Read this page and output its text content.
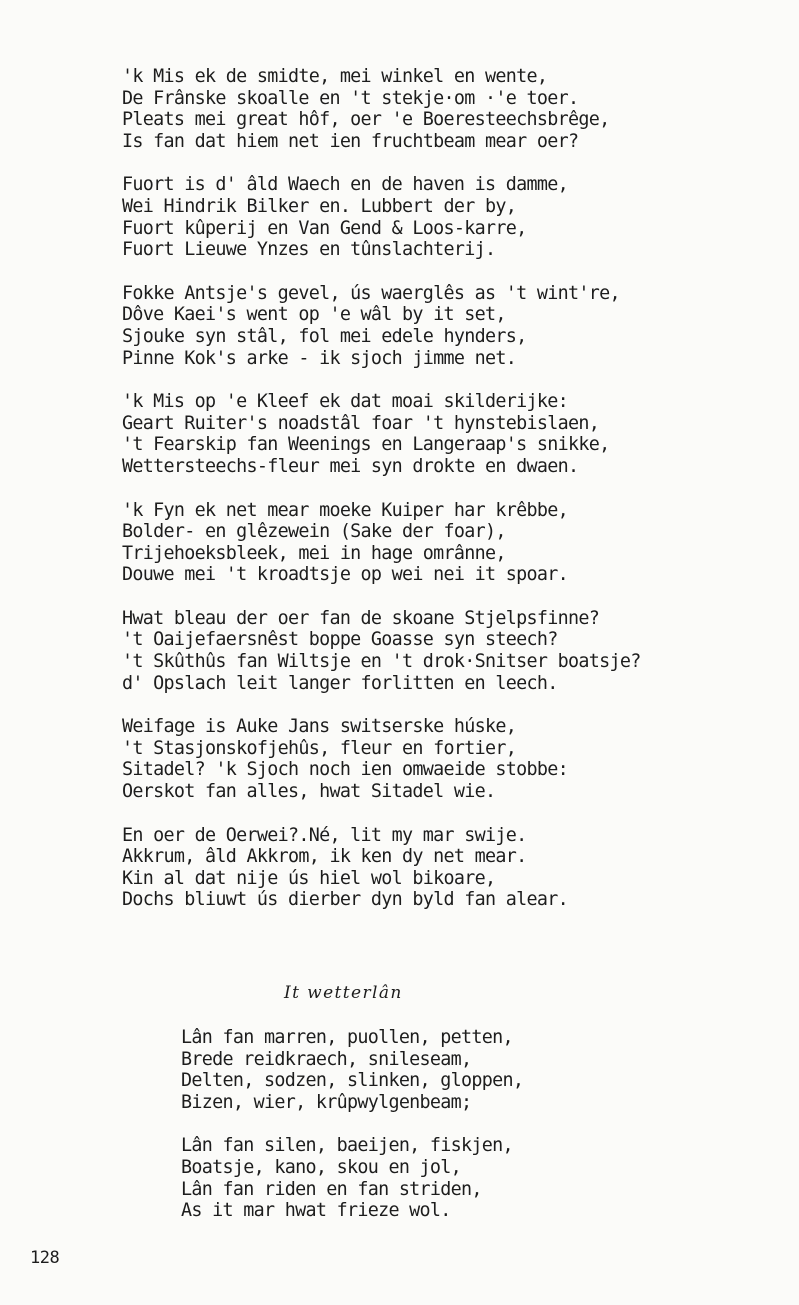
'k Mis ek de smidte, mei winkel en wente,
De Frânske skoalle en 't stekje·om ·'e toer.
Pleats mei great hôf, oer 'e Boeresteechsbrêge,
Is fan dat hiem net ien fruchtbeam mear oer?
Fuort is d' âld Waech en de haven is damme,
Wei Hindrik Bilker en. Lubbert der by,
Fuort kûperij en Van Gend & Loos-karre,
Fuort Lieuwe Ynzes en tûnslachterij.
Fokke Antsje's gevel, ús waerglês as 't wint're,
Dôve Kaei's went op 'e wâl by it set,
Sjouke syn stâl, fol mei edele hynders,
Pinne Kok's arke - ik sjoch jimme net.
'k Mis op 'e Kleef ek dat moai skilderijke:
Geart Ruiter's noadstâl foar 't hynstebislaen,
't Fearskip fan Weenings en Langeraap's snikke,
Wettersteechs-fleur mei syn drokte en dwaen.
'k Fyn ek net mear moeke Kuiper har krêbbe,
Bolder- en glêzewein (Sake der foar),
Trijehoeksbleek, mei in hage omrânne,
Douwe mei 't kroadtsje op wei nei it spoar.
Hwat bleau der oer fan de skoane Stjelpsfinne?
't Oaijefaersnêst boppe Goasse syn steech?
't Skûthûs fan Wiltsje en 't drok·Snitser boatsje?
d' Opslach leit langer forlitten en leech.
Weifage is Auke Jans switserske húske,
't Stasjonskofjehûs, fleur en fortier,
Sitadel? 'k Sjoch noch ien omwaeide stobbe:
Oerskot fan alles, hwat Sitadel wie.
En oer de Oerwei?.Né, lit my mar swije.
Akkrum, âld Akkrom, ik ken dy net mear.
Kin al dat nije ús hiel wol bikoare,
Dochs bliuwt ús dierber dyn byld fan alear.
It wetterlân
Lân fan marren, puollen, petten,
Brede reidkraech, snileseam,
Delten, sodzen, slinken, gloppen,
Bizen, wier, krûpwylgenbeam;
Lân fan silen, baeijen, fiskjen,
Boatsje, kano, skou en jol,
Lân fan riden en fan striden,
As it mar hwat frieze wol.
128
